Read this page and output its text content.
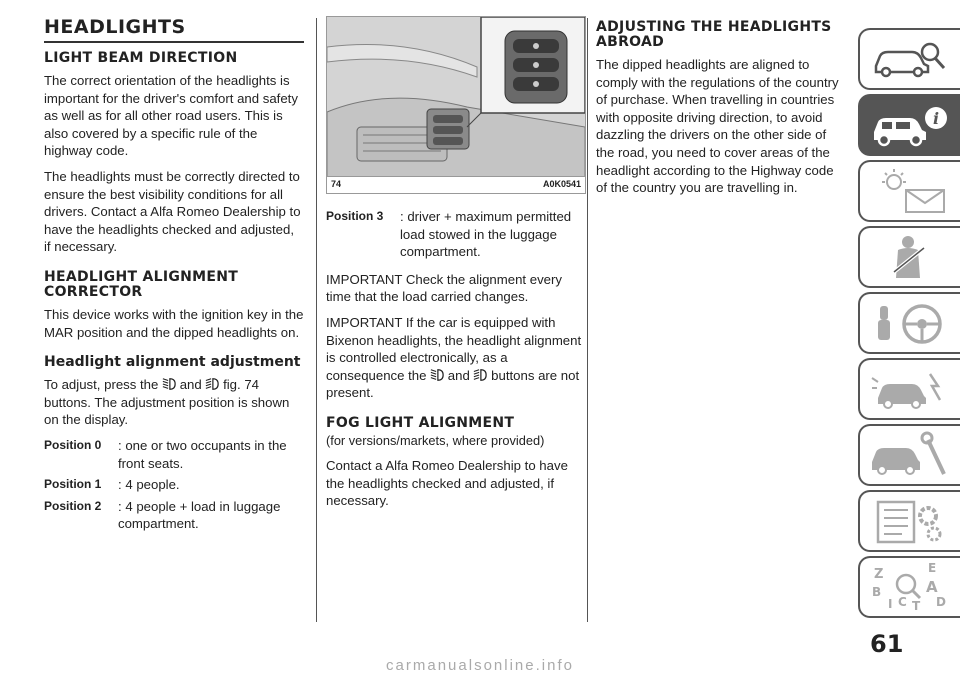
HEADLIGHTS
LIGHT BEAM DIRECTION

The correct orientation of the headlights is important for the driver's comfort and safety as well as for all other road users. This is also covered by a specific rule of the highway code.

The headlights must be correctly directed to ensure the best visibility conditions for all drivers. Contact a Alfa Romeo Dealership to have the headlights checked and adjusted, if necessary.

HEADLIGHT ALIGNMENT CORRECTOR

This device works with the ignition key in the MAR position and the dipped headlights on.

Headlight alignment adjustment

To adjust, press the and fig. 74 buttons. The adjustment position is shown on the display.

Position 0	: one or two occupants in the front seats.
Position 1	: 4 people.
Position 2	: 4 people + load in luggage compartment.
74	A0K0541
Position 3	: driver + maximum permitted load stowed in the luggage compartment.

IMPORTANT Check the alignment every time that the load carried changes.

IMPORTANT If the car is equipped with Bixenon headlights, the headlight alignment is controlled electronically, as a consequence the and buttons are not present.

FOG LIGHT ALIGNMENT

(for versions/markets, where provided)

Contact a Alfa Romeo Dealership to have the headlights checked and adjusted, if necessary.

ADJUSTING THE HEADLIGHTS ABROAD

The dipped headlights are aligned to comply with the regulations of the country of purchase. When travelling in countries with opposite driving direction, to avoid dazzling the drivers on the other side of the road, you need to cover areas of the headlight according to the Highway code of the country you are travelling in.

i
Z	E
B	A
I C T D
61
carmanualsonline.info
